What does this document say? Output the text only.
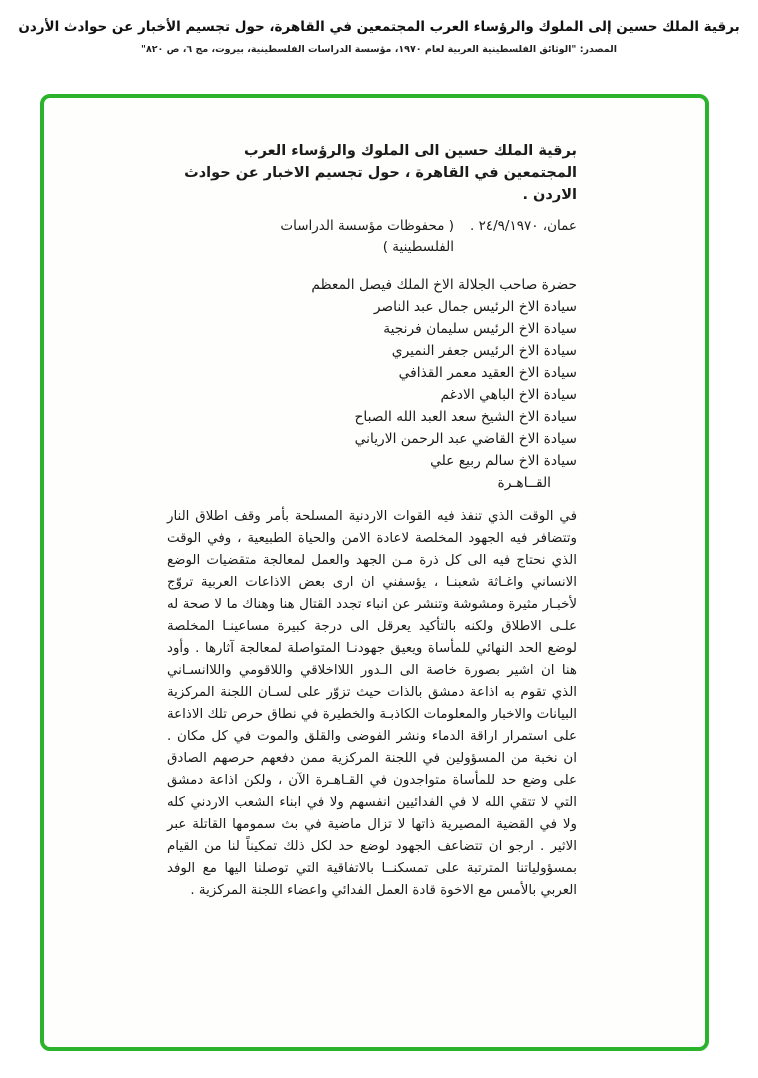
برقية الملك حسين إلى الملوك والرؤساء العرب المجتمعين في القاهرة، حول تجسيم الأخبار عن حوادث الأردن
المصدر: "الوثائق الفلسطينية العربية لعام ١٩٧٠، مؤسسة الدراسات الفلسطينية، بيروت، مج ٦، ص ٨٢٠"
برقية الملك حسين الى الملوك والرؤساء العرب المجتمعين في القاهرة ، حول تجسيم الاخبار عن حوادث الاردن .
عمان، ٢٤/٩/١٩٧٠ .
( محفوظات مؤسسة الدراسات الفلسطينية )
حضرة صاحب الجلالة الاخ الملك فيصل المعظم
سيادة الاخ الرئيس جمال عبد الناصر
سيادة الاخ الرئيس سليمان فرنجية
سيادة الاخ الرئيس جعفر النميري
سيادة الاخ العقيد معمر القذافي
سيادة الاخ الباهي الادغم
سيادة الاخ الشيخ سعد العبد الله الصباح
سيادة الاخ القاضي عبد الرحمن الارياني
سيادة الاخ سالم ربيع علي
القــاهـرة

في الوقت الذي تنفذ فيه القوات الاردنية المسلحة بأمر وقف اطلاق النار وتتضافر فيه الجهود المخلصة لاعادة الامن والحياة الطبيعية ، وفي الوقت الذي نحتاج فيه الى كل ذرة مـن الجهد والعمل لمعالجة متقضيات الوضع الانساني واغـاثة شعبنـا ، يؤسفني ان ارى بعض الاذاعات العربية تروّج لأخبـار مثيرة ومشوشة وتنشر عن انباء تجدد القتال هنا وهناك ما لا صحة له علـى الاطلاق ولكنه بالتأكيد يعرقل الى درجة كبيرة مساعينـا المخلصة لوضع الحد النهائي للمأساة ويعيق جهودنـا المتواصلة لمعالجة آثارها . وأود هنا ان اشير بصورة خاصة الى الـدور اللااخلاقي واللاقومي واللاانسـاني الذي تقوم به اذاعة دمشق بالذات حيث تزوّر على لسـان اللجنة المركزية البيانات والاخبار والمعلومات الكاذبـة والخطيرة في نطاق حرص تلك الاذاعة على استمرار اراقة الدماء ونشر الفوضى والقلق والموت في كل مكان . ان نخبة من المسؤولين في اللجنة المركزية ممن دفعهم حرصهم الصادق على وضع حد للمأساة متواجدون في القـاهـرة الآن ، ولكن اذاعة دمشق التي لا تتقي الله لا في الفدائيين انفسهم ولا في ابناء الشعب الاردني كله ولا في القضية المصيرية ذاتها لا تزال ماضية في بث سمومها القاتلة عبر الاثير . ارجو ان تتضاعف الجهود لوضع حد لكل ذلك تمكيناً لنا من القيام بمسؤولياتنا المترتبة على تمسكنــا بالاتفاقية التي توصلنا اليها مع الوفد العربي بالأمس مع الاخوة قادة العمل الفدائي واعضاء اللجنة المركزية .
